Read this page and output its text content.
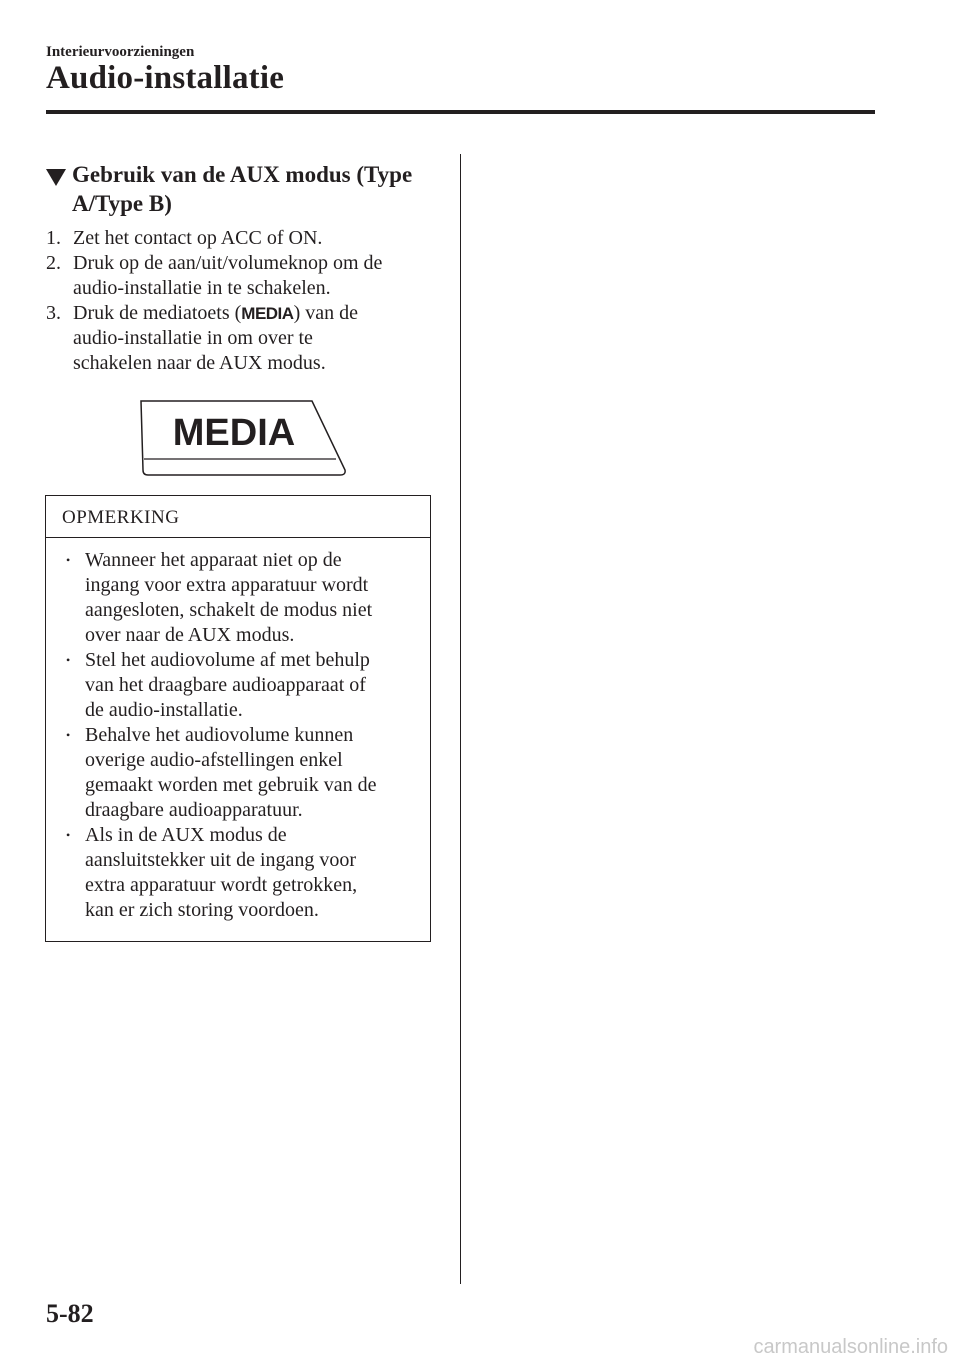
Interieurvoorzieningen
Audio-installatie
Gebruik van de AUX modus (Type
A/Type B)
1. Zet het contact op ACC of ON.
2. Druk op de aan/uit/volumeknop om de
audio-installatie in te schakelen.
3. Druk de mediatoets (MEDIA) van de
audio-installatie in om over te
schakelen naar de AUX modus.
MEDIA
OPMERKING
• Wanneer het apparaat niet op de
ingang voor extra apparatuur wordt
aangesloten, schakelt de modus niet
over naar de AUX modus.
• Stel het audiovolume af met behulp
van het draagbare audioapparaat of
de audio-installatie.
• Behalve het audiovolume kunnen
overige audio-afstellingen enkel
gemaakt worden met gebruik van de
draagbare audioapparatuur.
• Als in de AUX modus de
aansluitstekker uit de ingang voor
extra apparatuur wordt getrokken,
kan er zich storing voordoen.
5-82
carmanualsonline.info
